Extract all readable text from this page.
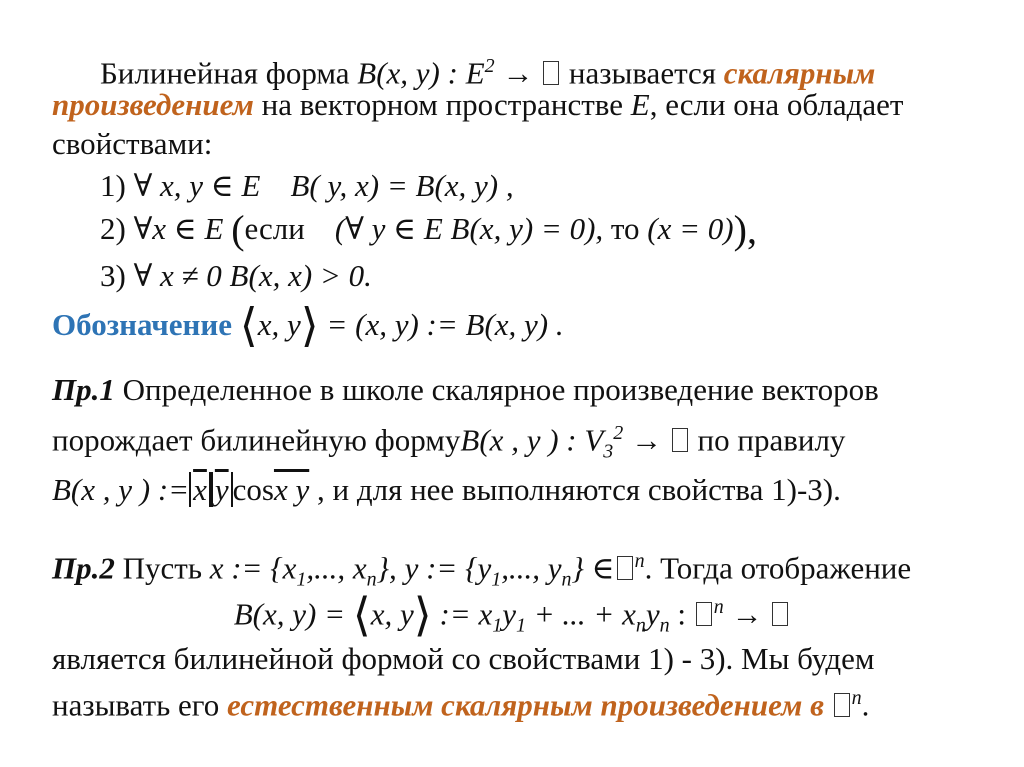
Билинейная форма B(x, y) : $E^2$ →  называется скалярным
произведением на векторном пространстве E, если она обладает
свойствами:
1) ∀ x, y ∈ E B( y, x) = B(x, y) ,
2) ∀x ∈ E (если (∀ y ∈ E B(x, y) = 0), то (x = 0)),
3) ∀ x ≠ 0 B(x, x) > 0.
Обозначение ⟨x, y⟩ = (x, y) := B(x, y) .
Пр.1 Определенное в школе скалярное произведение векторов
порождает билинейную формуB(x , y ) : $V_3^2$ →  по правилу
B(x , y ) := $\overline{x}$ $\overline{y}$ cosx y , и для нее выполняются свойства 1)-3).
Пр.2 Пусть x := {$x_1$,..., $x_n$}, y := {$y_1$,..., $y_n$} ∈ $^n$. Тогда отображение
B(x, y) = ⟨x, y⟩ := $x_1y_1$ + ... + $x_ny_n$ : $^n$ →
является билинейной формой со свойствами 1) - 3). Мы будем
называть его естественным скалярным произведением в $^n$.
